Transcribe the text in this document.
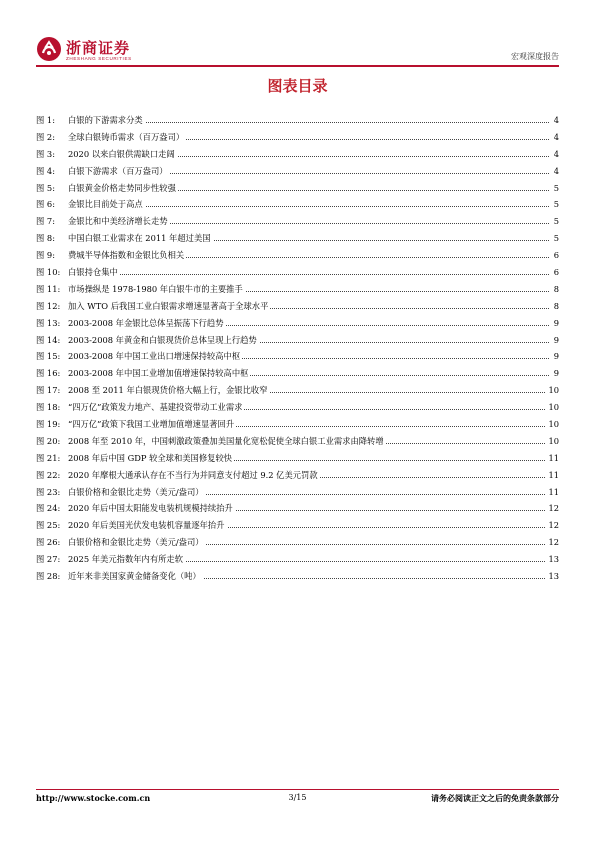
浙商证券
ZHESHANG SECURITIES	宏观深度报告
图表目录
图 1: 白银的下游需求分类	4
图 2: 全球白银铸币需求（百万盎司）	4
图 3: 2020 以来白银供需缺口走阔	4
图 4: 白银下游需求（百万盎司）	4
图 5: 白银黄金价格走势同步性较强	5
图 6: 金银比目前处于高点	5
图 7: 金银比和中美经济增长走势	5
图 8: 中国白银工业需求在 2011 年超过美国	5
图 9: 费城半导体指数和金银比负相关	6
图 10: 白银持仓集中	6
图 11: 市场操纵是 1978-1980 年白银牛市的主要推手	8
图 12: 加入 WTO 后我国工业白银需求增速显著高于全球水平	8
图 13: 2003-2008 年金银比总体呈振荡下行趋势	9
图 14: 2003-2008 年黄金和白银现货价总体呈现上行趋势	9
图 15: 2003-2008 年中国工业出口增速保持较高中枢	9
图 16: 2003-2008 年中国工业增加值增速保持较高中枢	9
图 17: 2008 至 2011 年白银现货价格大幅上行，金银比收窄	10
图 18: “四万亿”政策发力地产、基建投资带动工业需求	10
图 19: “四万亿”政策下我国工业增加值增速显著回升	10
图 20: 2008 年至 2010 年，中国刺激政策叠加美国量化宽松促使全球白银工业需求由降转增	10
图 21: 2008 年后中国 GDP 较全球和美国修复较快	11
图 22: 2020 年摩根大通承认存在不当行为并同意支付超过 9.2 亿美元罚款	11
图 23: 白银价格和金银比走势（美元/盎司）	11
图 24: 2020 年后中国太阳能发电装机规模持续抬升	12
图 25: 2020 年后美国光伏发电装机容量逐年抬升	12
图 26: 白银价格和金银比走势（美元/盎司）	12
图 27: 2025 年美元指数年内有所走软	13
图 28: 近年来非美国家黄金储备变化（吨）	13
http://www.stocke.com.cn	3/15	请务必阅读正文之后的免责条款部分
